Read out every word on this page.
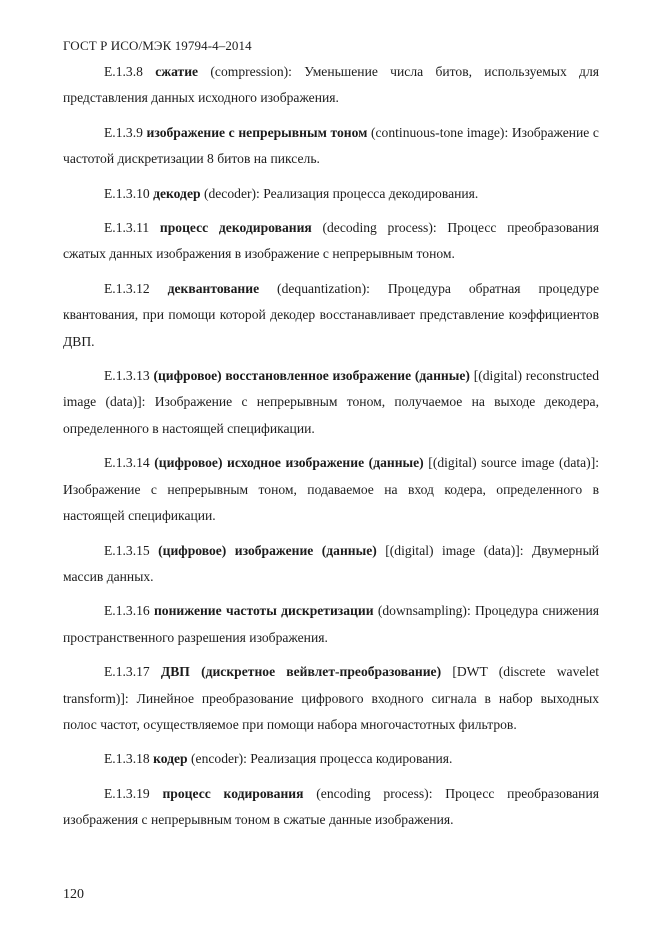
ГОСТ Р ИСО/МЭК 19794-4–2014

E.1.3.8 сжатие (compression): Уменьшение числа битов, используемых для представления данных исходного изображения.

E.1.3.9 изображение с непрерывным тоном (continuous-tone image): Изображение с частотой дискретизации 8 битов на пиксель.

E.1.3.10 декодер (decoder): Реализация процесса декодирования.

E.1.3.11 процесс декодирования (decoding process): Процесс преобразования сжатых данных изображения в изображение с непрерывным тоном.

E.1.3.12 деквантование (dequantization): Процедура обратная процедуре квантования, при помощи которой декодер восстанавливает представление коэффициентов ДВП.

E.1.3.13 (цифровое) восстановленное изображение (данные) [(digital) reconstructed image (data)]: Изображение с непрерывным тоном, получаемое на выходе декодера, определенного в настоящей спецификации.

E.1.3.14 (цифровое) исходное изображение (данные) [(digital) source image (data)]: Изображение с непрерывным тоном, подаваемое на вход кодера, определенного в настоящей спецификации.

E.1.3.15 (цифровое) изображение (данные) [(digital) image (data)]: Двумерный массив данных.

E.1.3.16 понижение частоты дискретизации (downsampling): Процедура снижения пространственного разрешения изображения.

E.1.3.17 ДВП (дискретное вейвлет-преобразование) [DWT (discrete wavelet transform)]: Линейное преобразование цифрового входного сигнала в набор выходных полос частот, осуществляемое при помощи набора многочастотных фильтров.

E.1.3.18 кодер (encoder): Реализация процесса кодирования.

E.1.3.19 процесс кодирования (encoding process): Процесс преобразования изображения с непрерывным тоном в сжатые данные изображения.

120
